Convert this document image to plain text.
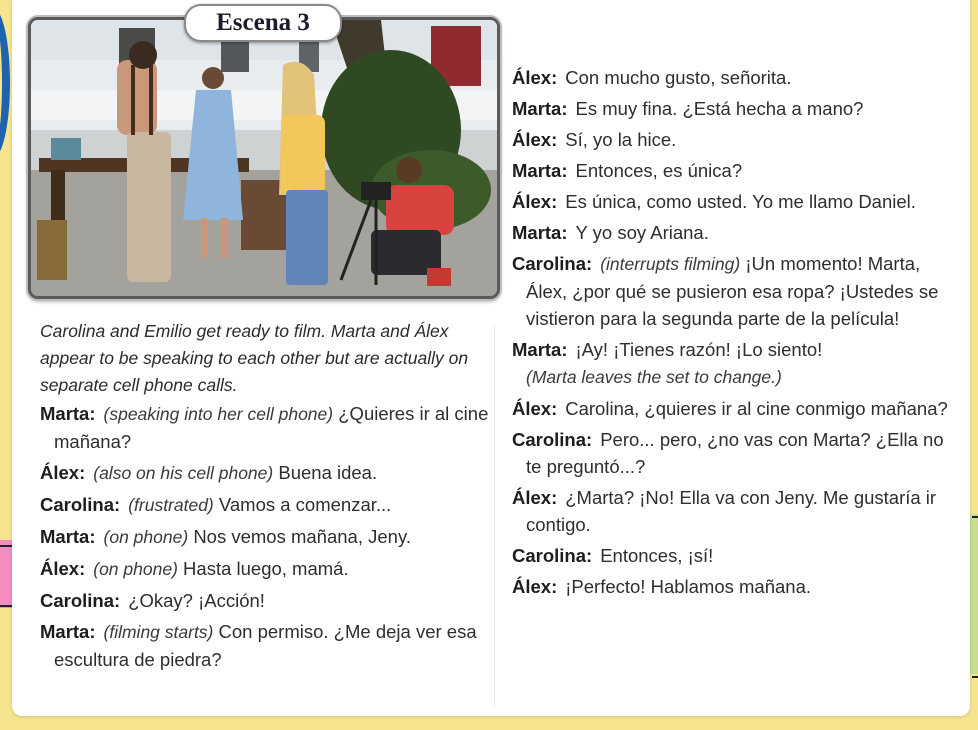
Escena 3
Carolina and Emilio get ready to film. Marta and Álex appear to be speaking to each other but are actually on separate cell phone calls.
Marta: (speaking into her cell phone) ¿Quieres ir al cine mañana?
Álex: (also on his cell phone) Buena idea.
Carolina: (frustrated) Vamos a comenzar...
Marta: (on phone) Nos vemos mañana, Jeny.
Álex: (on phone) Hasta luego, mamá.
Carolina: ¿Okay? ¡Acción!
Marta: (filming starts) Con permiso. ¿Me deja ver esa escultura de piedra?
Álex: Con mucho gusto, señorita.
Marta: Es muy fina. ¿Está hecha a mano?
Álex: Sí, yo la hice.
Marta: Entonces, es única?
Álex: Es única, como usted. Yo me llamo Daniel.
Marta: Y yo soy Ariana.
Carolina: (interrupts filming) ¡Un momento! Marta, Álex, ¿por qué se pusieron esa ropa? ¡Ustedes se vistieron para la segunda parte de la película!
Marta: ¡Ay! ¡Tienes razón! ¡Lo siento!
(Marta leaves the set to change.)
Álex: Carolina, ¿quieres ir al cine conmigo mañana?
Carolina: Pero... pero, ¿no vas con Marta? ¿Ella no te preguntó...?
Álex: ¿Marta? ¡No! Ella va con Jeny. Me gustaría ir contigo.
Carolina: Entonces, ¡sí!
Álex: ¡Perfecto! Hablamos mañana.
